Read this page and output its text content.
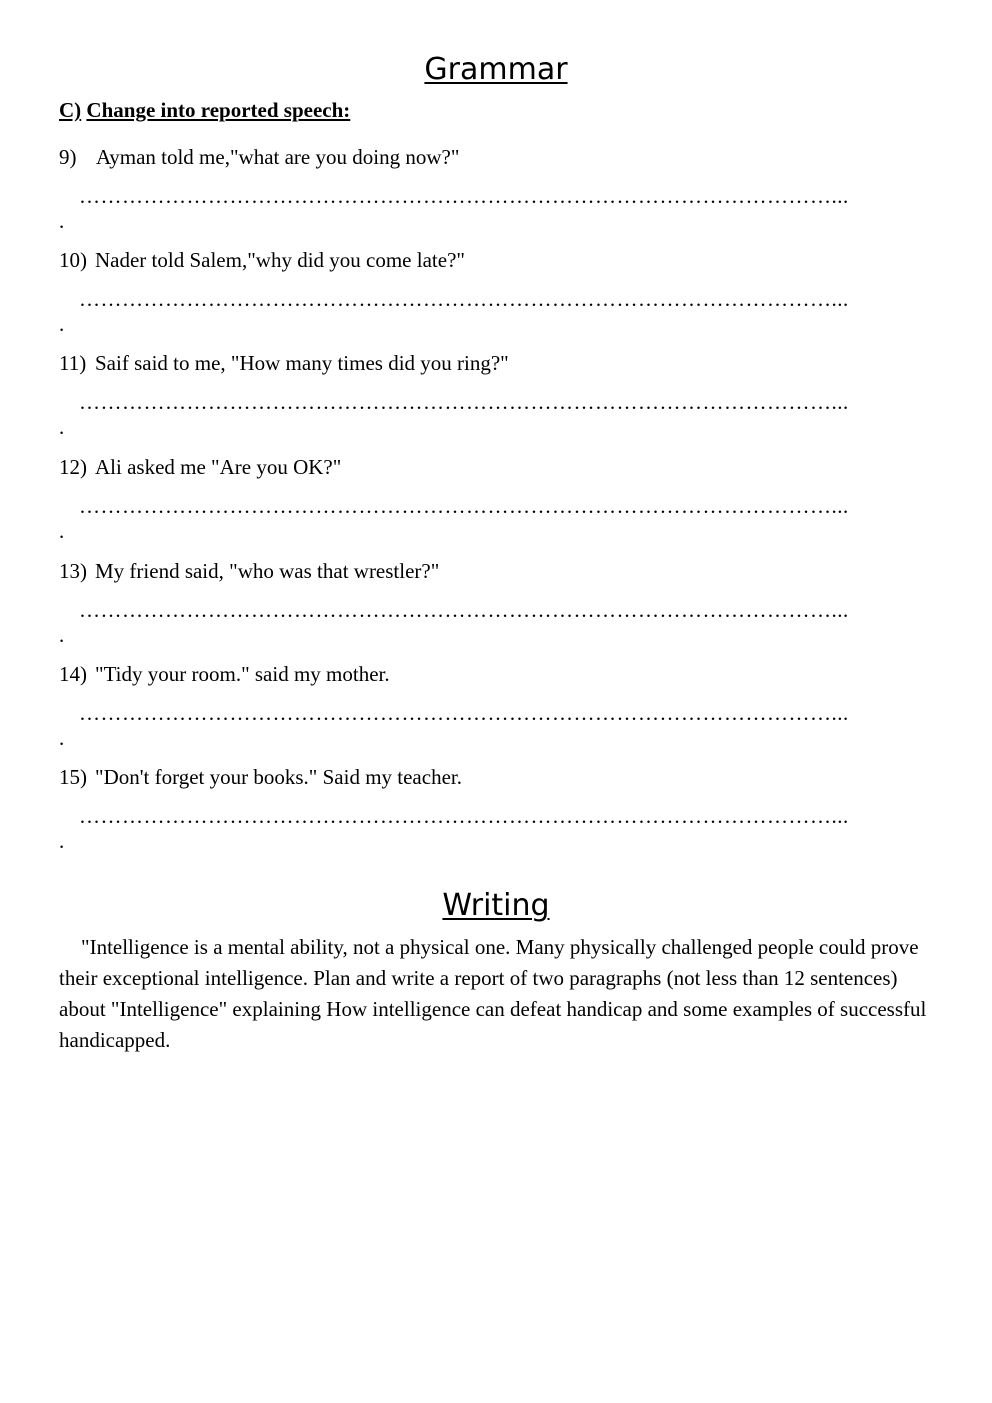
Grammar
C) Change into reported speech:
9) Ayman told me,"what are you doing now?"
……………………………………………………………………………………………...
.
10) Nader told Salem,"why did you come late?"
……………………………………………………………………………………………...
.
11) Saif said to me, "How many times did you ring?"
……………………………………………………………………………………………...
.
12) Ali asked me "Are you OK?"
……………………………………………………………………………………………...
.
13) My friend said, "who was that wrestler?"
……………………………………………………………………………………………...
.
14) "Tidy your room." said my mother.
……………………………………………………………………………………………...
.
15) "Don't forget your books." Said my teacher.
……………………………………………………………………………………………...
.
Writing

"Intelligence is a mental ability, not a physical one. Many physically challenged people could prove their exceptional intelligence. Plan and write a report of two paragraphs (not less than 12 sentences) about "Intelligence" explaining How intelligence can defeat handicap and some examples of successful handicapped.
